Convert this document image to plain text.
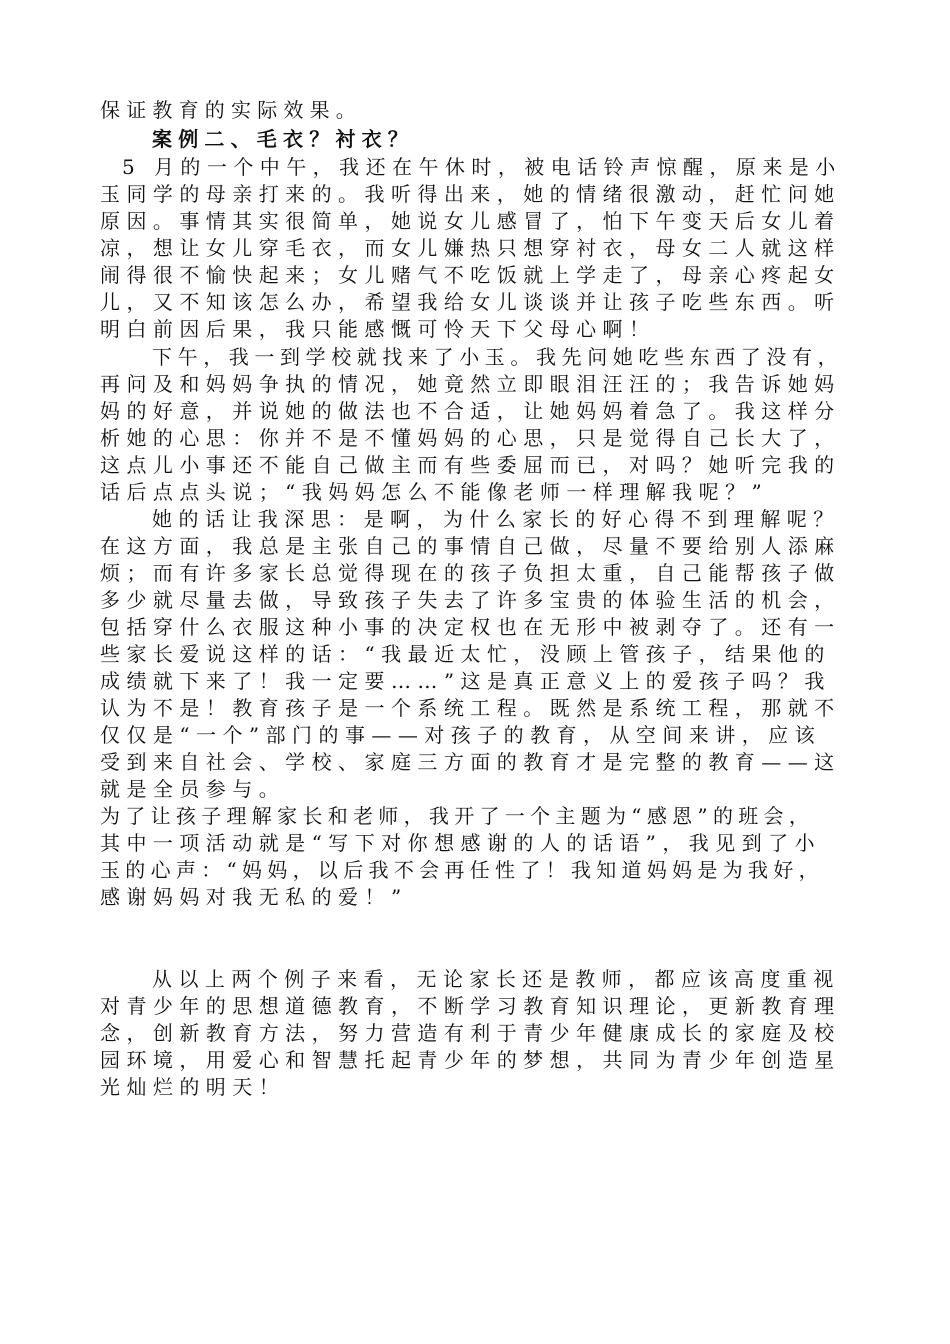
保证教育的实际效果。
案例二、毛衣？衬衣？
5 月的一个中午，我还在午休时，被电话铃声惊醒，原来是小
玉同学的母亲打来的。我听得出来，她的情绪很激动，赶忙问她
原因。事情其实很简单，她说女儿感冒了，怕下午变天后女儿着
凉，想让女儿穿毛衣，而女儿嫌热只想穿衬衣，母女二人就这样
闹得很不愉快起来；女儿赌气不吃饭就上学走了，母亲心疼起女
儿，又不知该怎么办，希望我给女儿谈谈并让孩子吃些东西。听
明白前因后果，我只能感慨可怜天下父母心啊！
下午，我一到学校就找来了小玉。我先问她吃些东西了没有，
再问及和妈妈争执的情况，她竟然立即眼泪汪汪的；我告诉她妈
妈的好意，并说她的做法也不合适，让她妈妈着急了。我这样分
析她的心思：你并不是不懂妈妈的心思，只是觉得自己长大了，
这点儿小事还不能自己做主而有些委屈而已，对吗？她听完我的
话后点点头说；“我妈妈怎么不能像老师一样理解我呢？”
她的话让我深思：是啊，为什么家长的好心得不到理解呢？
在这方面，我总是主张自己的事情自己做，尽量不要给别人添麻
烦；而有许多家长总觉得现在的孩子负担太重，自己能帮孩子做
多少就尽量去做，导致孩子失去了许多宝贵的体验生活的机会，
包括穿什么衣服这种小事的决定权也在无形中被剥夺了。还有一
些家长爱说这样的话：“我最近太忙，没顾上管孩子，结果他的
成绩就下来了！我一定要……”这是真正意义上的爱孩子吗？我
认为不是！教育孩子是一个系统工程。既然是系统工程，那就不
仅仅是“一个”部门的事——对孩子的教育，从空间来讲，应该
受到来自社会、学校、家庭三方面的教育才是完整的教育——这
就是全员参与。
为了让孩子理解家长和老师，我开了一个主题为“感恩”的班会，
其中一项活动就是“写下对你想感谢的人的话语”，我见到了小
玉的心声：“妈妈，以后我不会再任性了！我知道妈妈是为我好，
感谢妈妈对我无私的爱！”
从以上两个例子来看，无论家长还是教师，都应该高度重视
对青少年的思想道德教育，不断学习教育知识理论，更新教育理
念，创新教育方法，努力营造有利于青少年健康成长的家庭及校
园环境，用爱心和智慧托起青少年的梦想，共同为青少年创造星
光灿烂的明天！
